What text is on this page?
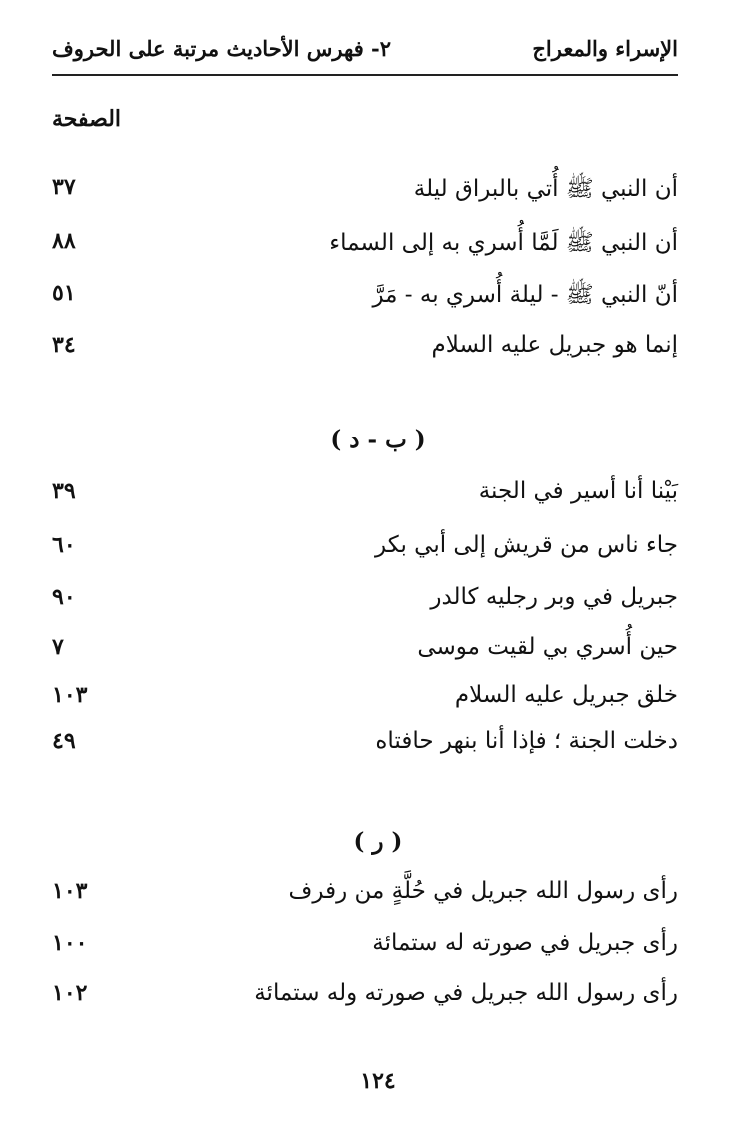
الإسراء والمعراج
٢- فهرس الأحاديث مرتبة على الحروف
الصفحة
أن النبي ﷺ أُتي بالبراق ليلة
٣٧
أن النبي ﷺ لَمَّا أُسري به إلى السماء
٨٨
أنّ النبي ﷺ - ليلة أُسري به - مَرَّ
٥١
إنما هو جبريل عليه السلام
٣٤
( ب - د )
بَيْنا أنا أسير في الجنة
٣٩
جاء ناس من قريش إلى أبي بكر
٦٠
جبريل في وبر رجليه كالدر
٩٠
حين أُسري بي لقيت موسى
٧
خلق جبريل عليه السلام
١٠٣
دخلت الجنة ؛ فإذا أنا بنهر حافتاه
٤٩
( ر )
رأى رسول الله جبريل في حُلَّةٍ من رفرف
١٠٣
رأى جبريل في صورته له ستمائة
١٠٠
رأى رسول الله جبريل في صورته وله ستمائة
١٠٢
١٢٤
